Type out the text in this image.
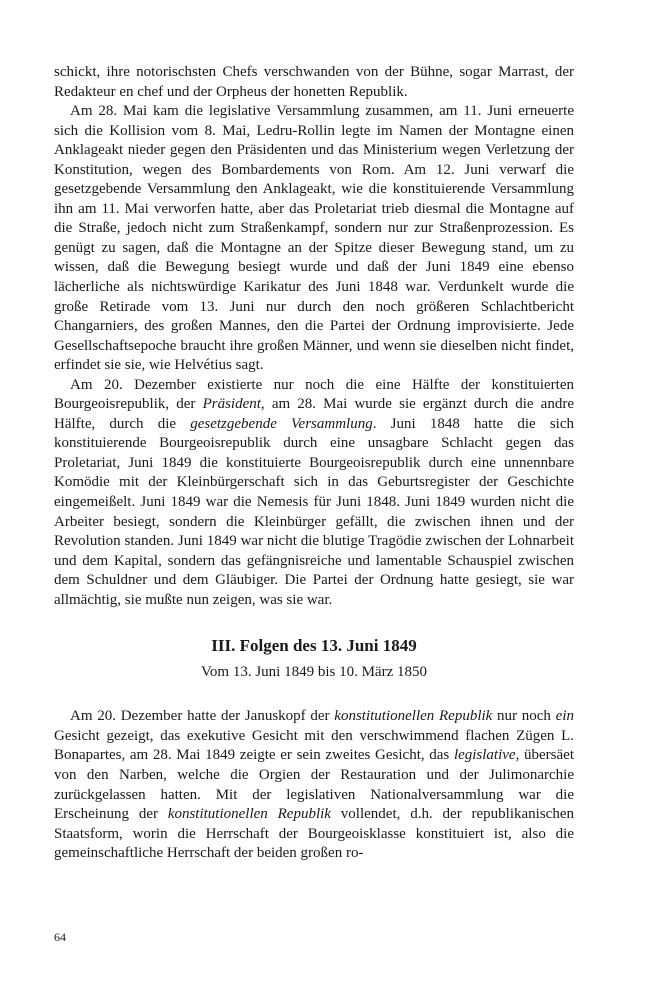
schickt, ihre notorischsten Chefs verschwanden von der Bühne, sogar Marrast, der Redakteur en chef und der Orpheus der honetten Republik.

Am 28. Mai kam die legislative Versammlung zusammen, am 11. Juni erneuerte sich die Kollision vom 8. Mai, Ledru-Rollin legte im Namen der Montagne einen Anklageakt nieder gegen den Präsidenten und das Ministerium wegen Verletzung der Konstitution, wegen des Bombardements von Rom. Am 12. Juni verwarf die gesetzgebende Versammlung den Anklageakt, wie die konstituierende Versammlung ihn am 11. Mai verworfen hatte, aber das Proletariat trieb diesmal die Montagne auf die Straße, jedoch nicht zum Straßenkampf, sondern nur zur Straßenprozession. Es genügt zu sagen, daß die Montagne an der Spitze dieser Bewegung stand, um zu wissen, daß die Bewegung besiegt wurde und daß der Juni 1849 eine ebenso lächerliche als nichtswürdige Karikatur des Juni 1848 war. Verdunkelt wurde die große Retirade vom 13. Juni nur durch den noch größeren Schlachtbericht Changarniers, des großen Mannes, den die Partei der Ordnung improvisierte. Jede Gesellschaftsepoche braucht ihre großen Männer, und wenn sie dieselben nicht findet, erfindet sie sie, wie Helvétius sagt.

Am 20. Dezember existierte nur noch die eine Hälfte der konstituierten Bourgeoisrepublik, der Präsident, am 28. Mai wurde sie ergänzt durch die andre Hälfte, durch die gesetzgebende Versammlung. Juni 1848 hatte die sich konstituierende Bourgeoisrepublik durch eine unsagbare Schlacht gegen das Proletariat, Juni 1849 die konstituierte Bourgeoisrepublik durch eine unnennbare Komödie mit der Kleinbürgerschaft sich in das Geburtsregister der Geschichte eingemeißelt. Juni 1849 war die Nemesis für Juni 1848. Juni 1849 wurden nicht die Arbeiter besiegt, sondern die Kleinbürger gefällt, die zwischen ihnen und der Revolution standen. Juni 1849 war nicht die blutige Tragödie zwischen der Lohnarbeit und dem Kapital, sondern das gefängnisreiche und lamentable Schauspiel zwischen dem Schuldner und dem Gläubiger. Die Partei der Ordnung hatte gesiegt, sie war allmächtig, sie mußte nun zeigen, was sie war.

III. Folgen des 13. Juni 1849
Vom 13. Juni 1849 bis 10. März 1850

Am 20. Dezember hatte der Januskopf der konstitutionellen Republik nur noch ein Gesicht gezeigt, das exekutive Gesicht mit den verschwimmend flachen Zügen L. Bonapartes, am 28. Mai 1849 zeigte er sein zweites Gesicht, das legislative, übersäet von den Narben, welche die Orgien der Restauration und der Julimonarchie zurückgelassen hatten. Mit der legislativen Nationalversammlung war die Erscheinung der konstitutionellen Republik vollendet, d.h. der republikanischen Staatsform, worin die Herrschaft der Bourgeoisklasse konstituiert ist, also die gemeinschaftliche Herrschaft der beiden großen ro-

64
